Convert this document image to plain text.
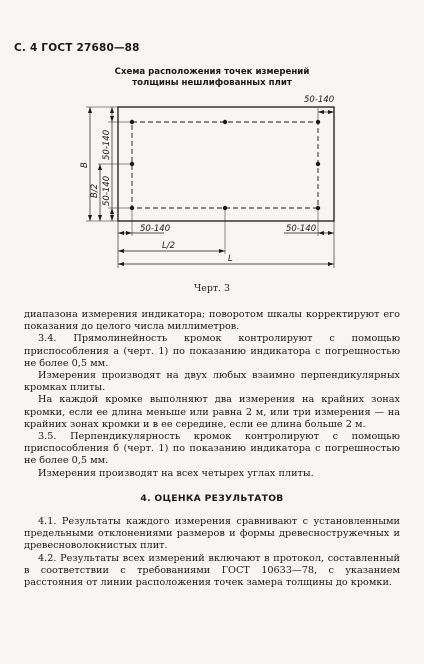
С. 4 ГОСТ 27680—88
Схема расположения точек измерений
толщины нешлифованных плит
50-140
50-140	50-140
50-140
50-140
В
В/2
L/2
L
Черт. 3

диапазона измерения индикатора; поворотом шкалы корректируют его показания до целого числа миллиметров.

3.4. Прямолинейность кромок контролируют с помощью приспособления а (черт. 1) по показанию индикатора с погрешностью не более 0,5 мм.

Измерения производят на двух любых взаимно перпендикулярных кромках плиты.

На каждой кромке выполняют два измерения на крайних зонах кромки, если ее длина меньше или равна 2 м, или три измерения — на крайних зонах кромки и в ее середине, если ее длина больше 2 м.

3.5. Перпендикулярность кромок контролируют с помощью приспособления б (черт. 1) по показанию индикатора с погрешностью не более 0,5 мм.

Измерения производят на всех четырех углах плиты.

4. ОЦЕНКА РЕЗУЛЬТАТОВ

4.1. Результаты каждого измерения сравнивают с установленными предельными отклонениями размеров и формы древесностружечных и древесноволокнистых плит.

4.2. Результаты всех измерений включают в протокол, составленный в соответствии с требованиями ГОСТ 10633—78, с указанием расстояния от линии расположения точек замера толщины до кромки.
